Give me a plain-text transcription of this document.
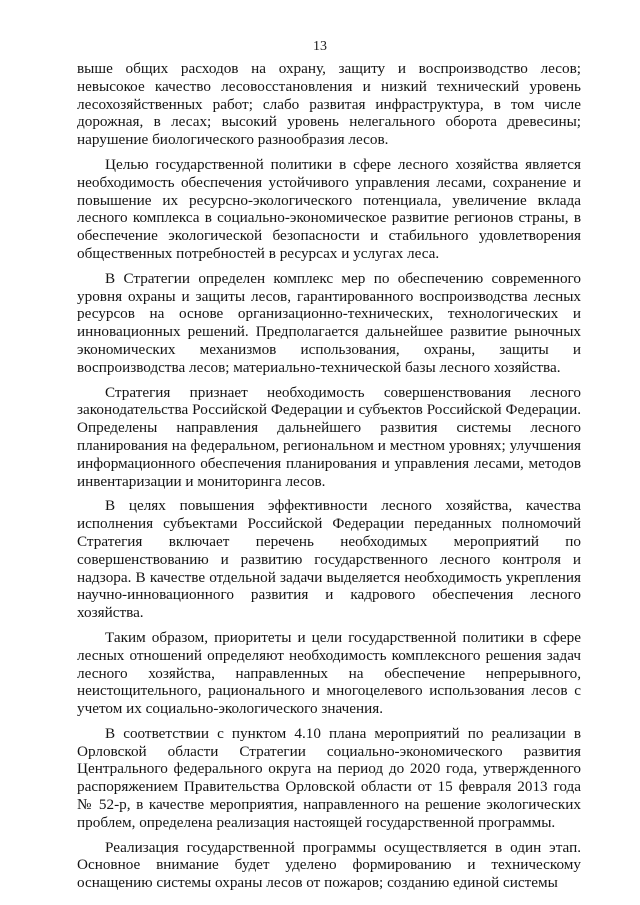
13

выше общих расходов на охрану, защиту и воспроизводство лесов; невысокое качество лесовосстановления и низкий технический уровень лесохозяйственных работ; слабо развитая инфраструктура, в том числе дорожная, в лесах; высокий уровень нелегального оборота древесины; нарушение биологического разнообразия лесов.

Целью государственной политики в сфере лесного хозяйства является необходимость обеспечения устойчивого управления лесами, сохранение и повышение их ресурсно-экологического потенциала, увеличение вклада лесного комплекса в социально-экономическое развитие регионов страны, в обеспечение экологической безопасности и стабильного удовлетворения общественных потребностей в ресурсах и услугах леса.

В Стратегии определен комплекс мер по обеспечению современного уровня охраны и защиты лесов, гарантированного воспроизводства лесных ресурсов на основе организационно-технических, технологических и инновационных решений. Предполагается дальнейшее развитие рыночных экономических механизмов использования, охраны, защиты и воспроизводства лесов; материально-технической базы лесного хозяйства.

Стратегия признает необходимость совершенствования лесного законодательства Российской Федерации и субъектов Российской Федерации. Определены направления дальнейшего развития системы лесного планирования на федеральном, региональном и местном уровнях; улучшения информационного обеспечения планирования и управления лесами, методов инвентаризации и мониторинга лесов.

В целях повышения эффективности лесного хозяйства, качества исполнения субъектами Российской Федерации переданных полномочий Стратегия включает перечень необходимых мероприятий по совершенствованию и развитию государственного лесного контроля и надзора. В качестве отдельной задачи выделяется необходимость укрепления научно-инновационного развития и кадрового обеспечения лесного хозяйства.

Таким образом, приоритеты и цели государственной политики в сфере лесных отношений определяют необходимость комплексного решения задач лесного хозяйства, направленных на обеспечение непрерывного, неистощительного, рационального и многоцелевого использования лесов с учетом их социально-экологического значения.

В соответствии с пунктом 4.10 плана мероприятий по реализации в Орловской области Стратегии социально-экономического развития Центрального федерального округа на период до 2020 года, утвержденного распоряжением Правительства Орловской области от 15 февраля 2013 года № 52-р, в качестве мероприятия, направленного на решение экологических проблем, определена реализация настоящей государственной программы.

Реализация государственной программы осуществляется в один этап. Основное внимание будет уделено формированию и техническому оснащению системы охраны лесов от пожаров; созданию единой системы
